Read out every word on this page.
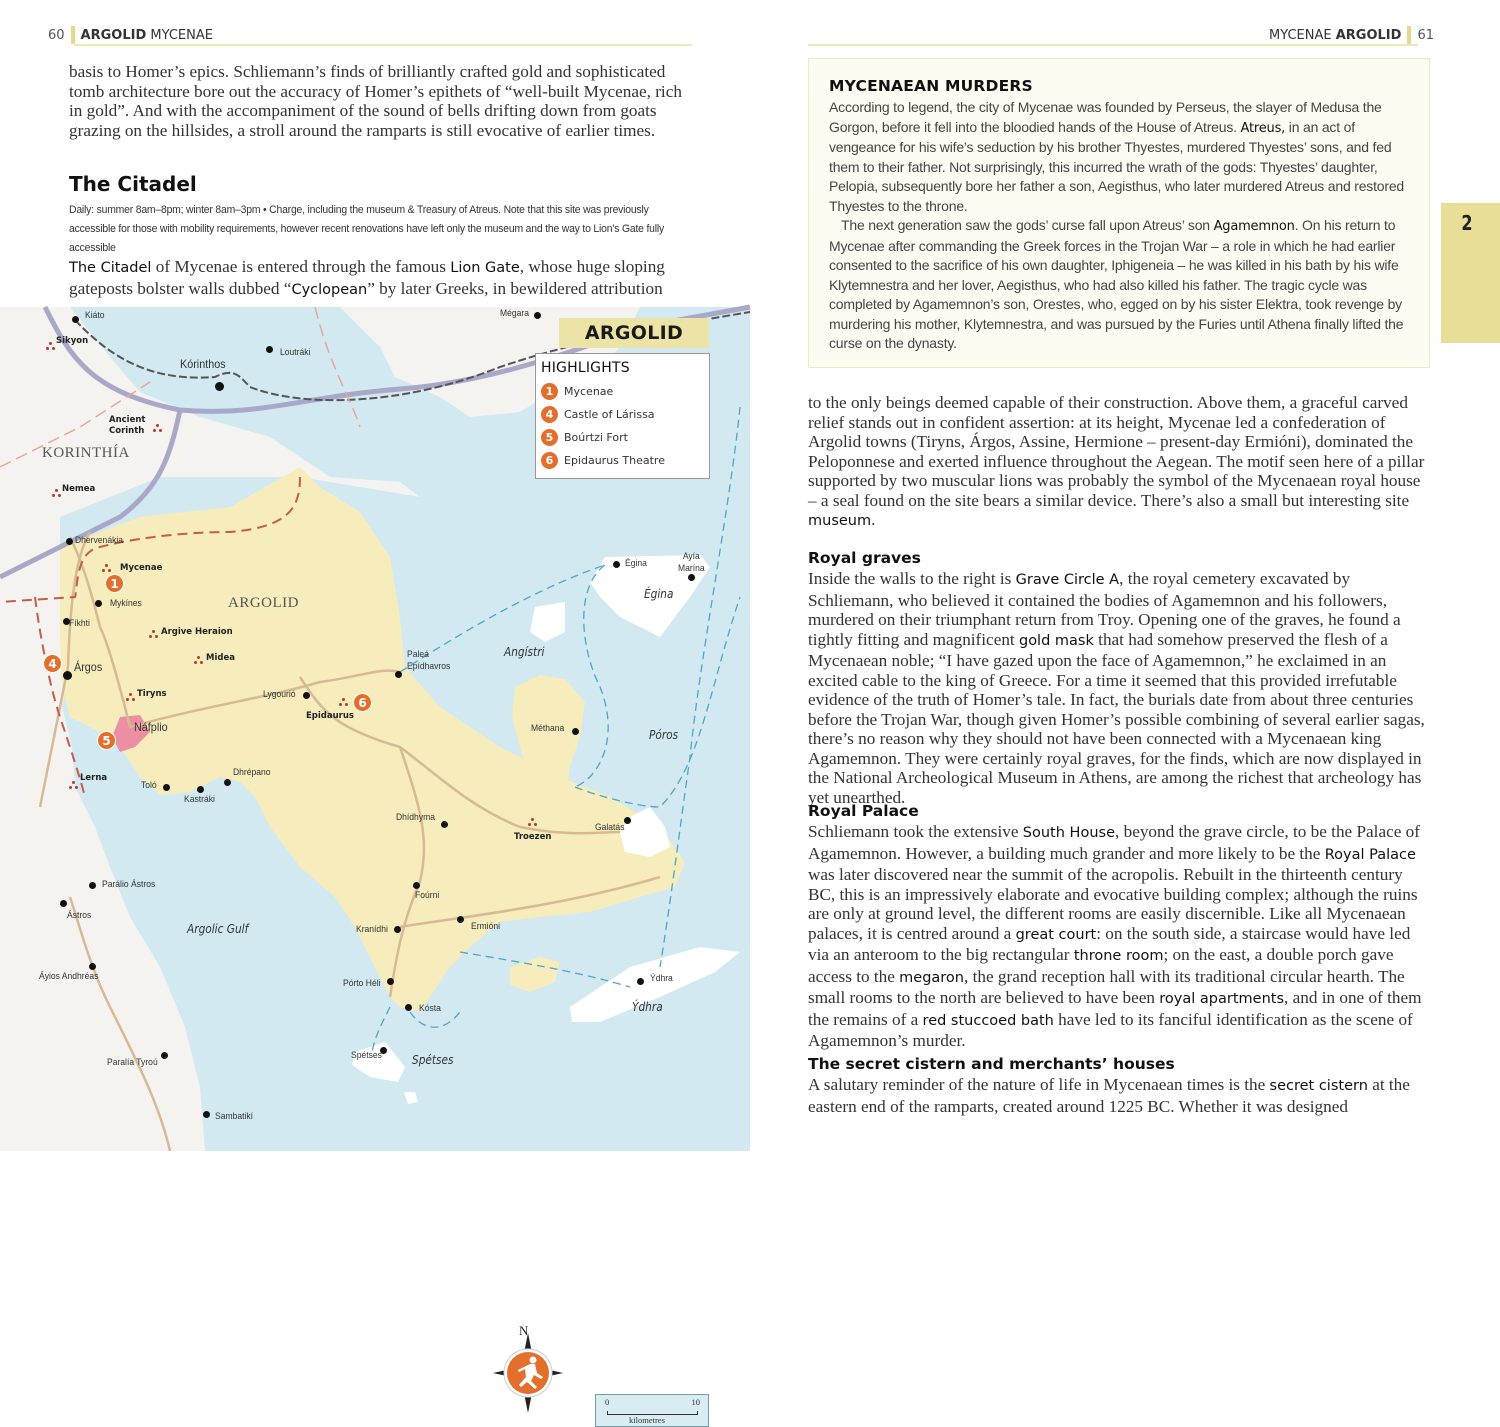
60 ARGOLID
MYCENAE

basis to Homer’s epics. Schliemann’s finds of brilliantly crafted gold and sophisticated tomb architecture bore out the accuracy of Homer’s epithets of “well-built Mycenae, rich in gold”. And with the accompaniment of the sound of bells drifting down from goats grazing on the hillsides, a stroll around the ramparts is still evocative of earlier times.

The Citadel

Daily: summer 8am–8pm; winter 8am–3pm • Charge, including the museum & Treasury of Atreus. Note that this site was previously accessible for those with mobility requirements, however recent renovations have left only the museum and the way to Lion’s Gate fully accessible

The Citadel of Mycenae is entered through the famous Lion Gate, whose huge sloping gateposts bolster walls dubbed “Cyclopean” by later Greeks, in bewildered attribution

ARGOLID
HIGHLIGHTS
1 Mycenae
4 Castle of Lárissa
5 Boúrtzi Fort
6 Epidaurus Theatre
KORINTHÍA
ARGOLID
Argolic Gulf
Angístri
Égina
Póros
Ýdhra
Spétses
Kiáto
Kórinthos
Loutráki
Mégara
Dhervenákia
Mykínes
Fíkhti
Árgos
Náfplio
Lygourió
Paleá Epídhavros
Toló
Kastráki
Dhrépano
Dhídhyma
Galatás
Méthana
Égina
Ayía Marína
Foúrni
Kranídhi	Ermióni
Pórto Héli
Kósta
Ýdhra
Spétses
Parálio Ástros
Ástros
Áyios Andhréas
Paralía Tyroú
Sambatikí
Sikyon
Ancient Corinth
Nemea
Mycenae
Argive Heraion
Midea
Tiryns
Lerna
Epidaurus
Troezen
1
4
5
6
N
0	10
kilometres
MYCENAE
ARGOLID 61
2
MYCENAEAN MURDERS

According to legend, the city of Mycenae was founded by Perseus, the slayer of Medusa the Gorgon, before it fell into the bloodied hands of the House of Atreus. Atreus, in an act of vengeance for his wife’s seduction by his brother Thyestes, murdered Thyestes’ sons, and fed them to their father. Not surprisingly, this incurred the wrath of the gods: Thyestes’ daughter, Pelopia, subsequently bore her father a son, Aegisthus, who later murdered Atreus and restored Thyestes to the throne.

The next generation saw the gods’ curse fall upon Atreus’ son Agamemnon. On his return to Mycenae after commanding the Greek forces in the Trojan War – a role in which he had earlier consented to the sacrifice of his own daughter, Iphigeneia – he was killed in his bath by his wife Klytemnestra and her lover, Aegisthus, who had also killed his father. The tragic cycle was completed by Agamemnon’s son, Orestes, who, egged on by his sister Elektra, took revenge by murdering his mother, Klytemnestra, and was pursued by the Furies until Athena finally lifted the curse on the dynasty.

to the only beings deemed capable of their construction. Above them, a graceful carved relief stands out in confident assertion: at its height, Mycenae led a confederation of Argolid towns (Tiryns, Árgos, Assine, Hermione – present-day Ermióni), dominated the Peloponnese and exerted influence throughout the Aegean. The motif seen here of a pillar supported by two muscular lions was probably the symbol of the Mycenaean royal house – a seal found on the site bears a similar device. There’s also a small but interesting site museum.

Royal graves

Inside the walls to the right is Grave Circle A, the royal cemetery excavated by Schliemann, who believed it contained the bodies of Agamemnon and his followers, murdered on their triumphant return from Troy. Opening one of the graves, he found a tightly fitting and magnificent gold mask that had somehow preserved the flesh of a Mycenaean noble; “I have gazed upon the face of Agamemnon,” he exclaimed in an excited cable to the king of Greece. For a time it seemed that this provided irrefutable evidence of the truth of Homer’s tale. In fact, the burials date from about three centuries before the Trojan War, though given Homer’s possible combining of several earlier sagas, there’s no reason why they should not have been connected with a Mycenaean king Agamemnon. They were certainly royal graves, for the finds, which are now displayed in the National Archeological Museum in Athens, are among the richest that archeology has yet unearthed.

Royal Palace

Schliemann took the extensive South House, beyond the grave circle, to be the Palace of Agamemnon. However, a building much grander and more likely to be the Royal Palace was later discovered near the summit of the acropolis. Rebuilt in the thirteenth century BC, this is an impressively elaborate and evocative building complex; although the ruins are only at ground level, the different rooms are easily discernible. Like all Mycenaean palaces, it is centred around a great court: on the south side, a staircase would have led via an anteroom to the big rectangular throne room; on the east, a double porch gave access to the megaron, the grand reception hall with its traditional circular hearth. The small rooms to the north are believed to have been royal apartments, and in one of them the remains of a red stuccoed bath have led to its fanciful identification as the scene of Agamemnon’s murder.

The secret cistern and merchants’ houses

A salutary reminder of the nature of life in Mycenaean times is the secret cistern at the eastern end of the ramparts, created around 1225 BC. Whether it was designed
